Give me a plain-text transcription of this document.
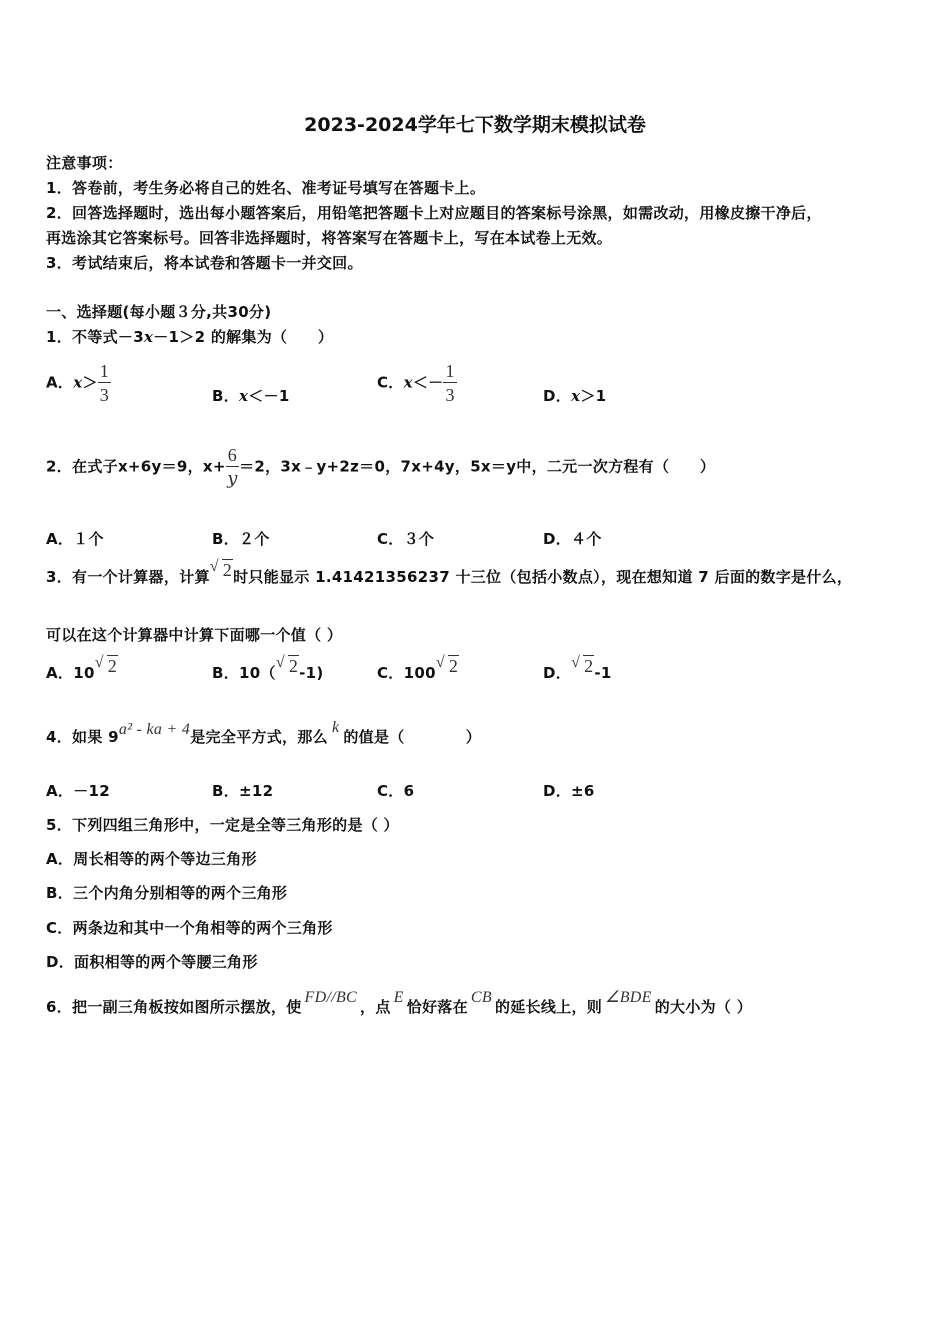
2023-2024学年七下数学期末模拟试卷
注意事项：
1．答卷前，考生务必将自己的姓名、准考证号填写在答题卡上。
2．回答选择题时，选出每小题答案后，用铅笔把答题卡上对应题目的答案标号涂黑，如需改动，用橡皮擦干净后，
再选涂其它答案标号。回答非选择题时，将答案写在答题卡上，写在本试卷上无效。
3．考试结束后，将本试卷和答题卡一并交回。
一、选择题(每小题３分,共30分)
1．不等式－3x－1＞2 的解集为（　　）
A．$x> \frac{1}{3}$	B．x＜－1
C．$x<- \frac{1}{3}$	D．x＞1
2．在式子x+6y＝9，$x+ \frac{6}{y} =2$，3x﹣y+2z＝0，7x+4y，5x＝y中，二元一次方程有（　　）
A．１个	B．２个	C．３个	D．４个
3．有一个计算器，计算
√ 2时只能显示 1.41421356237 十三位（包括小数点），现在想知道 7 后面的数字是什么，
可以在这个计算器中计算下面哪一个值（ ）
A．10
√ 2	B．10（
√ 2-1)	C．100
√ 2	D．
√ 2-1
4．如果 9a² - ka + 4是完全平方式，那么k的值是（　　　　）
A．－12	B．±12	C．6	D．±6
5．下列四组三角形中，一定是全等三角形的是（ ）
A．周长相等的两个等边三角形
B．三个内角分别相等的两个三角形
C．两条边和其中一个角相等的两个三角形
D．面积相等的两个等腰三角形
6．把一副三角板按如图所示摆放，使FD//BC，点E恰好落在CB的延长线上，则∠BDE的大小为（ ）
